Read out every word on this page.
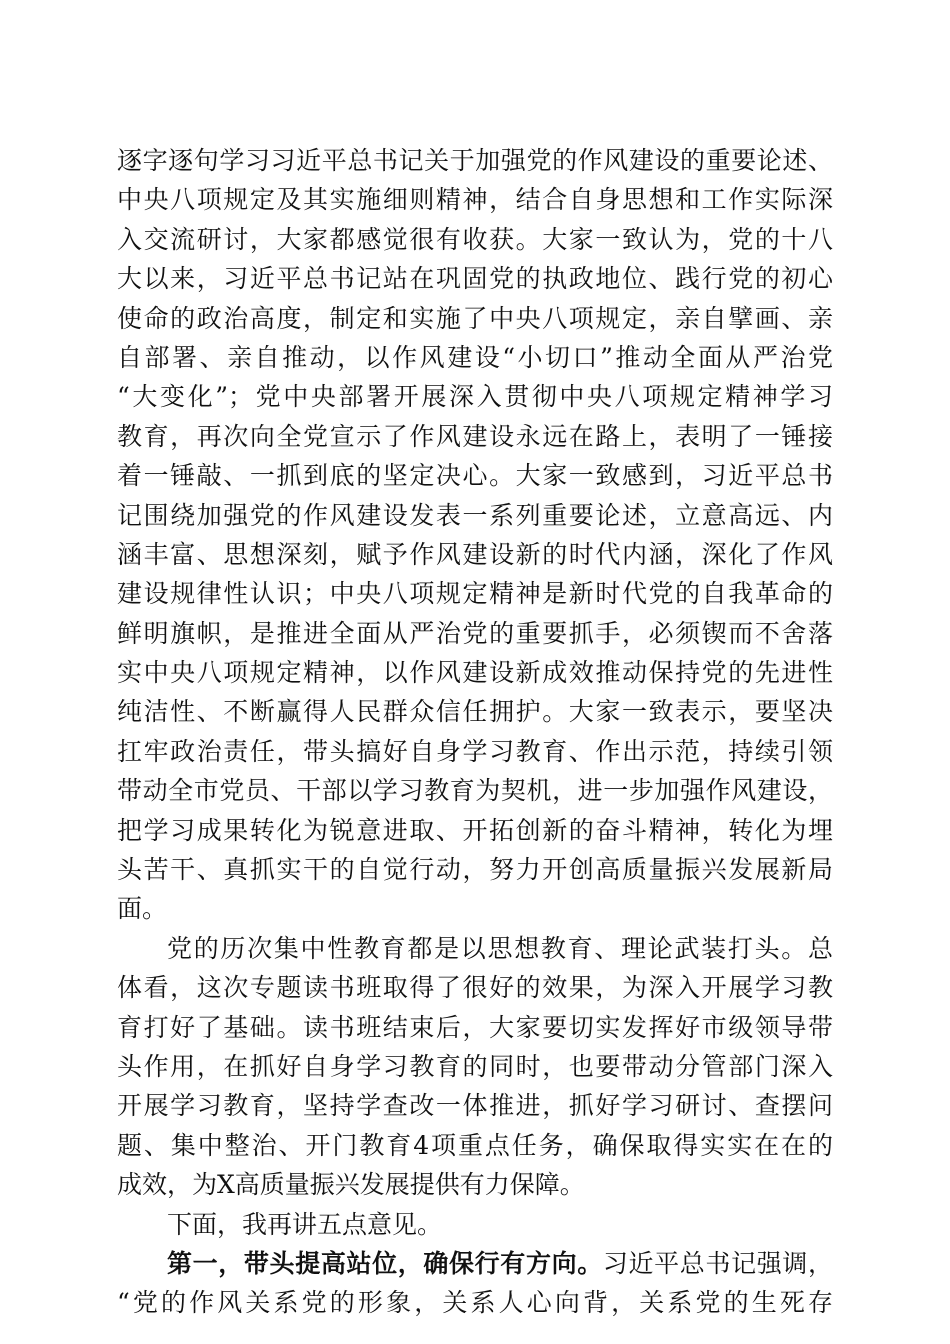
逐字逐句学习习近平总书记关于加强党的作风建设的重要论述、
中央八项规定及其实施细则精神，结合自身思想和工作实际深
入交流研讨，大家都感觉很有收获。大家一致认为，党的十八
大以来，习近平总书记站在巩固党的执政地位、践行党的初心
使命的政治高度，制定和实施了中央八项规定，亲自擘画、亲
自部署、亲自推动，以作风建设“小切口”推动全面从严治党
“大变化”；党中央部署开展深入贯彻中央八项规定精神学习
教育，再次向全党宣示了作风建设永远在路上，表明了一锤接
着一锤敲、一抓到底的坚定决心。大家一致感到，习近平总书
记围绕加强党的作风建设发表一系列重要论述，立意高远、内
涵丰富、思想深刻，赋予作风建设新的时代内涵，深化了作风
建设规律性认识；中央八项规定精神是新时代党的自我革命的
鲜明旗帜，是推进全面从严治党的重要抓手，必须锲而不舍落
实中央八项规定精神，以作风建设新成效推动保持党的先进性
纯洁性、不断赢得人民群众信任拥护。大家一致表示，要坚决
扛牢政治责任，带头搞好自身学习教育、作出示范，持续引领
带动全市党员、干部以学习教育为契机，进一步加强作风建设，
把学习成果转化为锐意进取、开拓创新的奋斗精神，转化为埋
头苦干、真抓实干的自觉行动，努力开创高质量振兴发展新局
面。
党的历次集中性教育都是以思想教育、理论武装打头。总
体看，这次专题读书班取得了很好的效果，为深入开展学习教
育打好了基础。读书班结束后，大家要切实发挥好市级领导带
头作用，在抓好自身学习教育的同时，也要带动分管部门深入
开展学习教育，坚持学查改一体推进，抓好学习研讨、查摆问
题、集中整治、开门教育4项重点任务，确保取得实实在在的
成效，为X高质量振兴发展提供有力保障。
下面，我再讲五点意见。
第一，带头提高站位，确保行有方向。习近平总书记强调，
“党的作风关系党的形象，关系人心向背，关系党的生死存
